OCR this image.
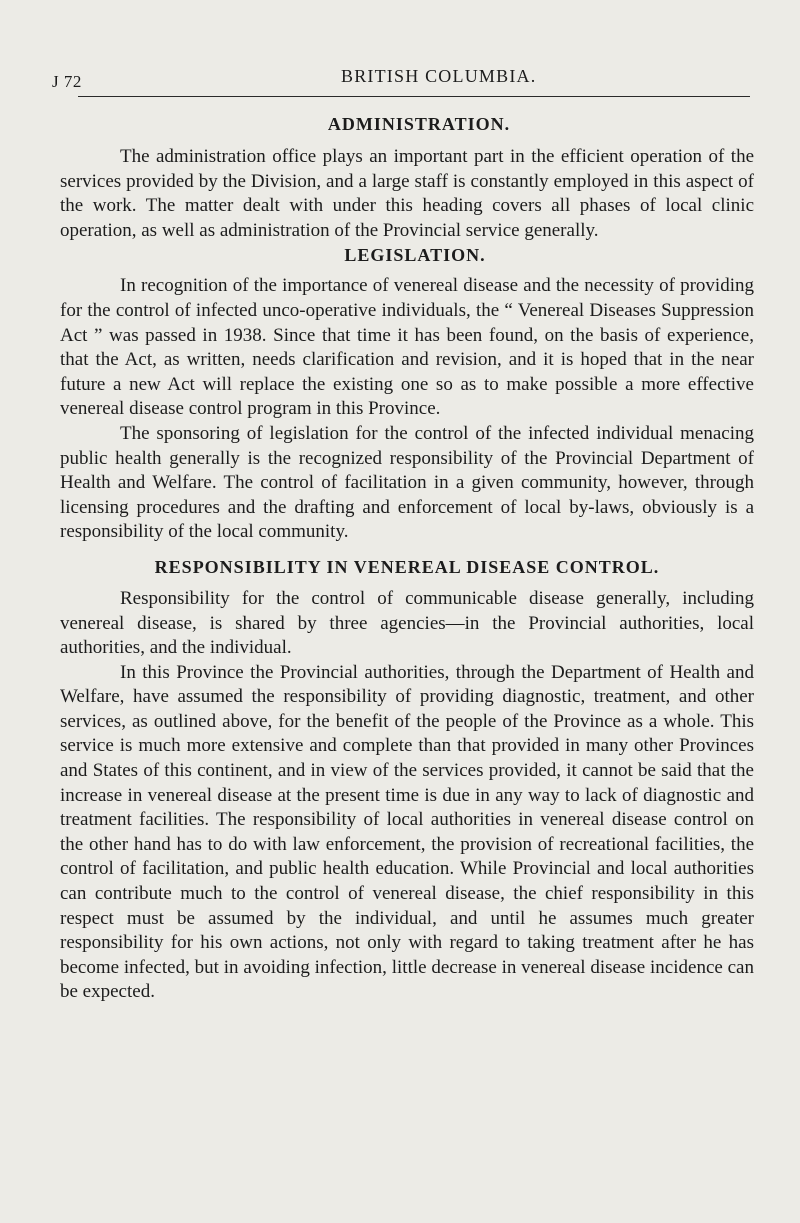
J 72	BRITISH COLUMBIA.
ADMINISTRATION.

The administration office plays an important part in the efficient operation of the services provided by the Division, and a large staff is constantly employed in this aspect of the work. The matter dealt with under this heading covers all phases of local clinic operation, as well as administration of the Provincial service generally.

LEGISLATION.

In recognition of the importance of venereal disease and the necessity of providing for the control of infected unco-operative individuals, the “ Venereal Diseases Suppression Act ” was passed in 1938. Since that time it has been found, on the basis of experience, that the Act, as written, needs clarification and revision, and it is hoped that in the near future a new Act will replace the existing one so as to make possible a more effective venereal disease control program in this Province.

The sponsoring of legislation for the control of the infected individual menacing public health generally is the recognized responsibility of the Provincial Department of Health and Welfare. The control of facilitation in a given community, however, through licensing procedures and the drafting and enforcement of local by-laws, obviously is a responsibility of the local community.

RESPONSIBILITY IN VENEREAL DISEASE CONTROL.

Responsibility for the control of communicable disease generally, including venereal disease, is shared by three agencies—in the Provincial authorities, local authorities, and the individual.

In this Province the Provincial authorities, through the Department of Health and Welfare, have assumed the responsibility of providing diagnostic, treatment, and other services, as outlined above, for the benefit of the people of the Province as a whole. This service is much more extensive and complete than that provided in many other Provinces and States of this continent, and in view of the services provided, it cannot be said that the increase in venereal disease at the present time is due in any way to lack of diagnostic and treatment facilities. The responsibility of local authorities in venereal disease control on the other hand has to do with law enforcement, the provision of recreational facilities, the control of facilitation, and public health education. While Provincial and local authorities can contribute much to the control of venereal disease, the chief responsibility in this respect must be assumed by the individual, and until he assumes much greater responsibility for his own actions, not only with regard to taking treatment after he has become infected, but in avoiding infection, little decrease in venereal disease incidence can be expected.
